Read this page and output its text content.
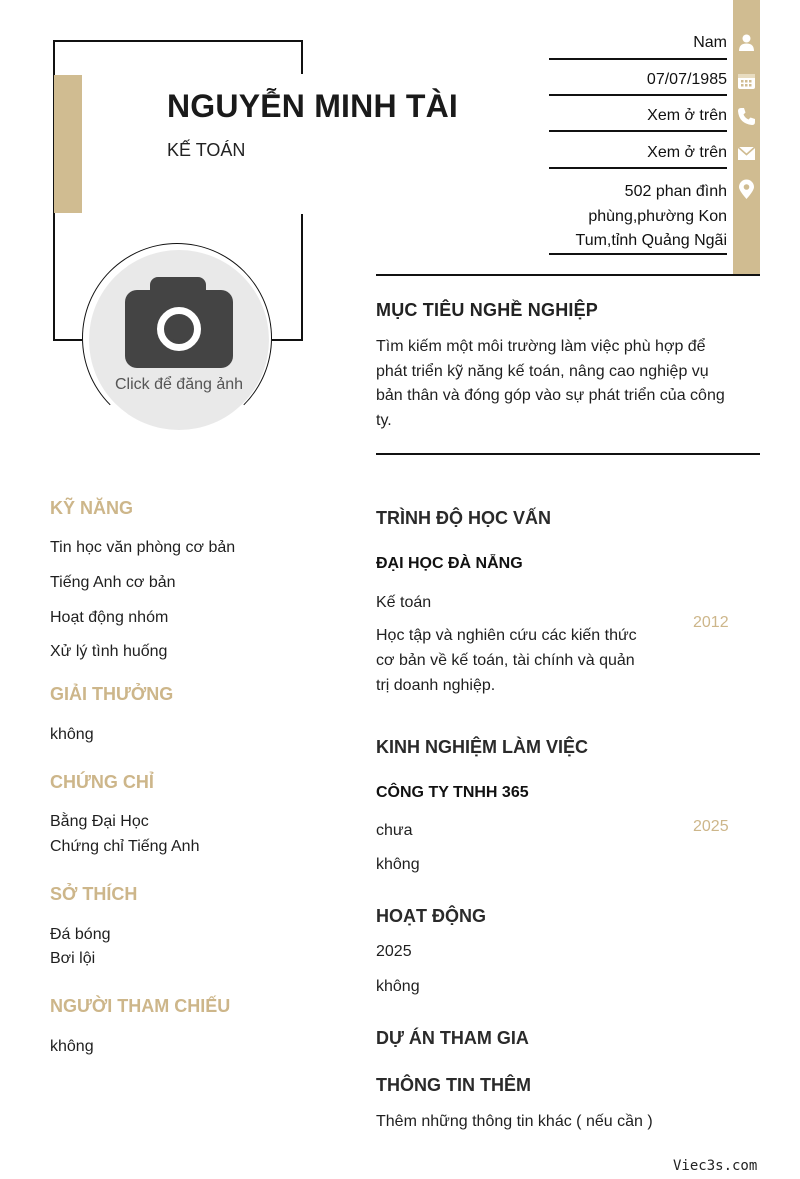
NGUYỄN MINH TÀI
KẾ TOÁN
Click để đăng ảnh
Nam
07/07/1985
Xem ở trên
Xem ở trên
502 phan đình
phùng,phường Kon
Tum,tỉnh Quảng Ngãi
MỤC TIÊU NGHỀ NGHIỆP
Tìm kiếm một môi trường làm việc phù hợp để
phát triển kỹ năng kế toán, nâng cao nghiệp vụ
bản thân và đóng góp vào sự phát triển của công
ty.
KỸ NĂNG
Tin học văn phòng cơ bản
Tiếng Anh cơ bản
Hoạt động nhóm
Xử lý tình huống
GIẢI THƯỞNG
không
CHỨNG CHỈ
Bằng Đại Học
Chứng chỉ Tiếng Anh
SỞ THÍCH
Đá bóng
Bơi lội
NGƯỜI THAM CHIẾU
không
TRÌNH ĐỘ HỌC VẤN
ĐẠI HỌC ĐÀ NẴNG
Kế toán
2012
Học tập và nghiên cứu các kiến thức
cơ bản về kế toán, tài chính và quản
trị doanh nghiệp.
KINH NGHIỆM LÀM VIỆC
CÔNG TY TNHH 365
chưa	2025
không
HOẠT ĐỘNG
2025
không
DỰ ÁN THAM GIA
THÔNG TIN THÊM
Thêm những thông tin khác ( nếu cần )
Viec3s.com
